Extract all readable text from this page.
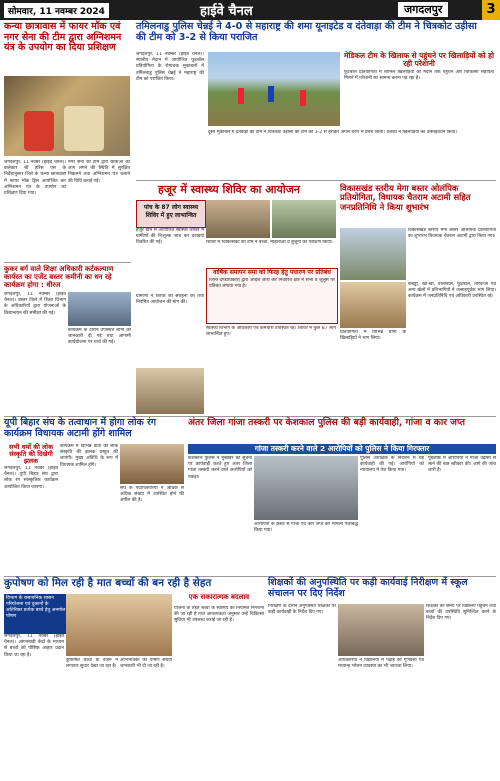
सोमवार, 11 नवम्बर 2024	हाईवे चैनल	जगदलपुर	3
कन्या छात्रावास में फायर मॉक एवं नगर सेना की टीम द्वारा अग्निशमन यंत्र के उपयोग का दिया प्रशिक्षण
जगदलपुर, 11 नवंबर (हाईवे चैनल)। कलेक्टर श्री हरिस एस के निर्देशानुसार जिले के कन्या छात्रावास में फायर मॉक ड्रिल आयोजित कर अग्निशमन यंत्र के उपयोग का प्रशिक्षण दिया गया।
नगर सेना की टीम द्वारा छात्राओं को आग लगने की स्थिति में सुरक्षित निकलने तथा अग्निशमन यंत्र चलाने की विधि बताई गई।
कुकर बर्ग वाले शिक्षा अधिकारी कर्टकल्याण कार्यरत का एजेंट बस्तर कमीनी का धन रहे कार्यक्रम होगा : धीरज
जगदलपुर, 11 नवम्बर (हाईवे चैनल)। बस्तर जिले में शिक्षा विभाग के अधिकारियों द्वारा योजनाओं के क्रियान्वयन की समीक्षा की गई।
कार्यक्रम के दौरान उपस्थित लोगों को जानकारी दी गई तथा आगामी कार्ययोजना पर चर्चा की गई।
तमिलनाडु पुलिस चेन्नई ने 4-0 से महाराष्ट्र की शमा यूनाइटेड व दंतेवाड़ा की टीम ने चित्रकोट उड़ीसा की टीम को 3-2 से किया पराजित
जगदलपुर, 11 नवम्बर (हाईवे चैनल)। स्थानीय मैदान में आयोजित फुटबॉल प्रतियोगिता के रोमांचक मुकाबलों में तमिलनाडु पुलिस चेन्नई ने महाराष्ट्र की टीम को पराजित किया।
मेडिकल टीम के खिलाफ से पहुंचने पर खिलाड़ियों को हो रही परेशानी
फुटबॉल प्रतियोगिता में शामिल खिलाड़ियों को मैदान तक पहुंचने और चिकित्सा सहायता मिलने में परेशानी का सामना करना पड़ रहा है।
दूसरे मुकाबले में दंतेवाड़ा की टीम ने चित्रकोट उड़ीसा की टीम को 3-2 से हराकर अगले चरण में प्रवेश किया। दर्शकों ने खिलाड़ियों का उत्साहवर्धन किया।
हजूर में स्वास्थ्य शिविर का आयोजन
पांच के 87 लोग स्वास्थ्य शिविर में हुए लाभान्वित
हजूर ग्राम में आयोजित स्वास्थ्य शिविर में ग्रामीणों की निःशुल्क जांच कर दवाइयां वितरित की गईं।	शिविर में चिकित्सकों की टीम ने बच्चों, महिलाओं व बुजुर्गों का परीक्षण किया।
वार्षिक समापन समा को फिरह हेतु पधारण पर प्रतिबंध
जिला दण्डाधिकारी द्वारा आदेश जारी कर निर्धारित क्षेत्र में सभा व जुलूस पर प्रतिबंध लगाया गया है।
ग्रामीणों ने शिविर की सराहना की तथा नियमित आयोजन की मांग की।
स्वास्थ्य विभाग के अधिकारी एवं कर्मचारी उपस्थित रहे। शिविर में कुल 87 लोग लाभान्वित हुए।
विकासखंड स्तरीय मेगा बस्तर ओलंपिक प्रतियोगिता, विधायक चैतराम अटामी सहित जनप्रतिनिधि ने किया शुभारंभ
विकासखंड स्तरीय मेगा बस्तर ओलंपिक प्रतियोगिता का शुभारंभ विधायक चैतराम अटामी द्वारा किया गया।
प्रतियोगिता में विभिन्न ग्रामों के खिलाड़ियों ने भाग लिया।
कबड्डी, खो-खो, वॉलीबॉल, फुटबॉल, तीरंदाजी एवं अन्य खेलों में प्रतिभागियों ने उत्साहपूर्वक भाग लिया। कार्यक्रम में जनप्रतिनिधि एवं अधिकारी उपस्थित रहे।
यूपी बिहार संघ के तत्वाधान में होगा लोक रंग कार्यक्रम विधायक अटामी होंगे शामिल
सभी धर्मो की लोक संस्कृति की दिखेगी झलक
जगदलपुर, 11 नवंबर (हाईवे चैनल)। यूपी बिहार संघ द्वारा लोक रंग सांस्कृतिक कार्यक्रम आयोजित किया जाएगा।
कार्यक्रम में विभिन्न प्रांतों की लोक संस्कृति की झलक प्रस्तुत की जाएगी। मुख्य अतिथि के रूप में विधायक शामिल होंगे।
संघ के पदाधिकारियों ने अधिक से अधिक संख्या में उपस्थित होने की अपील की है।
अंतर जिला गांजा तस्करी पर केशकाल पुलिस की बड़ी कार्यवाही, गांजा व कार जप्त
गांजा तस्करी करने वाले 2 आरोपियों को पुलिस ने किया गिरफ्तार
केशकाल पुलिस ने मुखबिर की सूचना पर कार्यवाही करते हुए अंतर जिला गांजा तस्करी करने वाले आरोपियों को पकड़ा।
आरोपियों के कब्जे से गांजा एवं कार जप्त कर मामला पंजीबद्ध किया गया।
पुलिस अधीक्षक के निर्देशन में यह कार्यवाही की गई। आरोपियों को न्यायालय में पेश किया गया।
पूछताछ में आरोपियों ने गांजा उड़ीसा से लाने की बात स्वीकार की। आगे की जांच जारी है।
कुपोषण को मिल रही है मात बच्चों की बन रही है सेहत
विभाग के रासायनिक शासन परियोजना एवं दुकानों के अतिरिक्त प्रत्येक बच्चे हेतु अनमोल पोषण
जगदलपुर, 11 नवंबर (हाईवे चैनल)। आंगनबाड़ी केंद्रों के माध्यम से बच्चों को पौष्टिक आहार प्रदान किया जा रहा है।
कुपोषित बच्चों के वजन में लगातार सुधार देखा जा रहा है।
अभिभावकों को पोषण संबंधी जानकारी भी दी जा रही है।
एक सकारात्मक बदलाव
योजना के तहत बच्चों के स्वास्थ्य की नियमित निगरानी की जा रही है तथा आवश्यकता अनुसार उन्हें चिकित्सा सुविधा भी उपलब्ध कराई जा रही है।
शिक्षकों की अनुपस्थिति पर कड़ी कार्यवाई निरीक्षण में स्कूल संचालन पर दिए निर्देश
निरीक्षण के दौरान अनुपस्थित शिक्षकों पर कड़ी कार्यवाही के निर्देश दिए गए।
अधिकारियों ने विद्यालयों में पढ़ाई की गुणवत्ता एवं मध्यान्ह भोजन व्यवस्था का भी जायजा लिया।
शिक्षकों को समय पर विद्यालय पहुंचने तथा बच्चों की उपस्थिति सुनिश्चित करने के निर्देश दिए गए।
